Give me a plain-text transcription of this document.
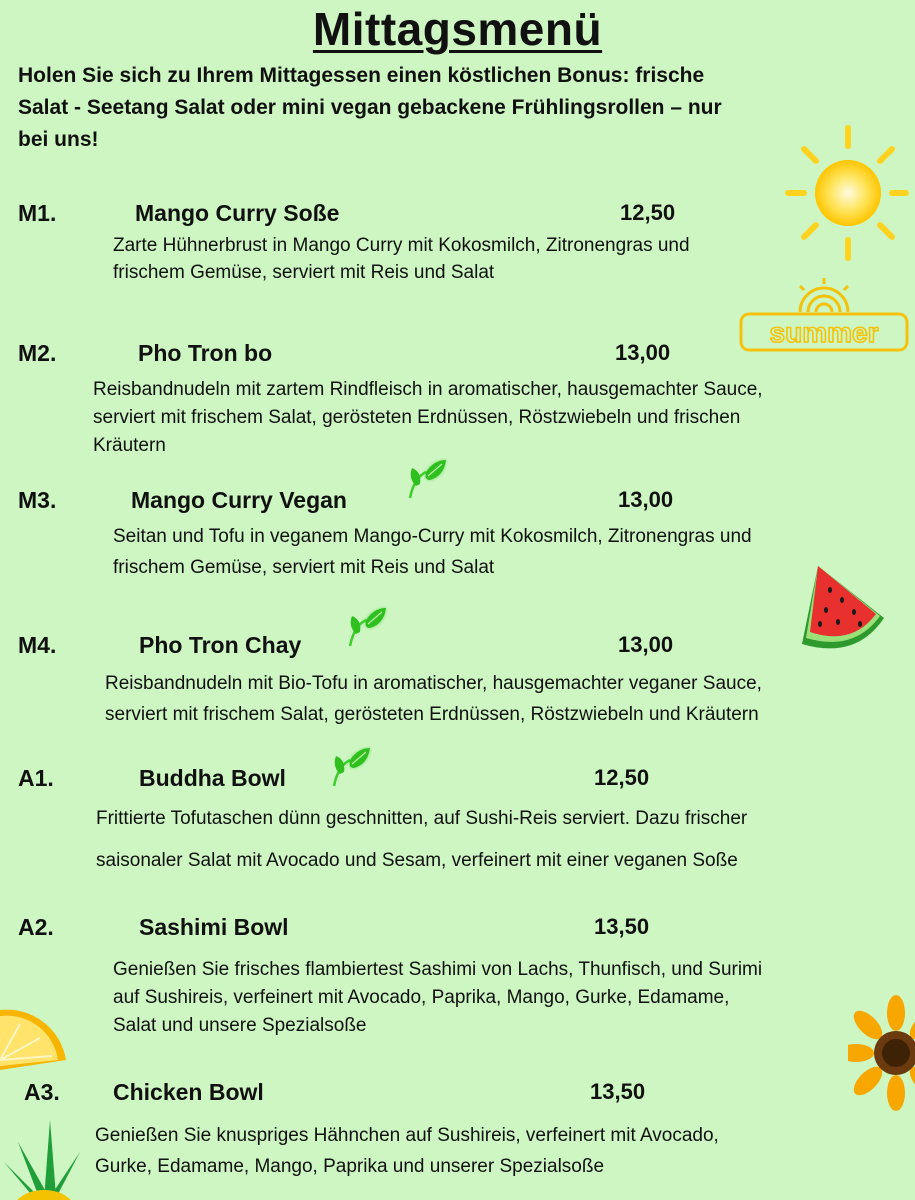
Mittagsmenü
Holen Sie sich zu Ihrem Mittagessen einen köstlichen Bonus: frische
Salat - Seetang Salat oder mini vegan gebackene Frühlingsrollen – nur
bei uns!
summer
M1.	Mango Curry Soße	12,50
Zarte Hühnerbrust in Mango Curry mit Kokosmilch, Zitronengras und
frischem Gemüse, serviert mit Reis und Salat
M2.	Pho Tron bo	13,00
Reisbandnudeln mit zartem Rindfleisch in aromatischer, hausgemachter Sauce,
serviert mit frischem Salat, gerösteten Erdnüssen, Röstzwiebeln und frischen
Kräutern
M3.	Mango Curry Vegan	13,00
Seitan und Tofu in veganem Mango-Curry mit Kokosmilch, Zitronengras und
frischem Gemüse, serviert mit Reis und Salat
M4.	Pho Tron Chay	13,00
Reisbandnudeln mit Bio-Tofu in aromatischer, hausgemachter veganer Sauce,
serviert mit frischem Salat, gerösteten Erdnüssen, Röstzwiebeln und Kräutern
A1.	Buddha Bowl	12,50
Frittierte Tofutaschen dünn geschnitten, auf Sushi-Reis serviert. Dazu frischer
saisonaler Salat mit Avocado und Sesam, verfeinert mit einer veganen Soße
A2.	Sashimi Bowl	13,50
Genießen Sie frisches flambiertest Sashimi von Lachs, Thunfisch, und Surimi
auf Sushireis, verfeinert mit Avocado, Paprika, Mango, Gurke, Edamame,
Salat und unsere Spezialsoße
A3. Chicken Bowl	13,50
Genießen Sie knuspriges Hähnchen auf Sushireis, verfeinert mit Avocado,
Gurke, Edamame, Mango, Paprika und unserer Spezialsoße
